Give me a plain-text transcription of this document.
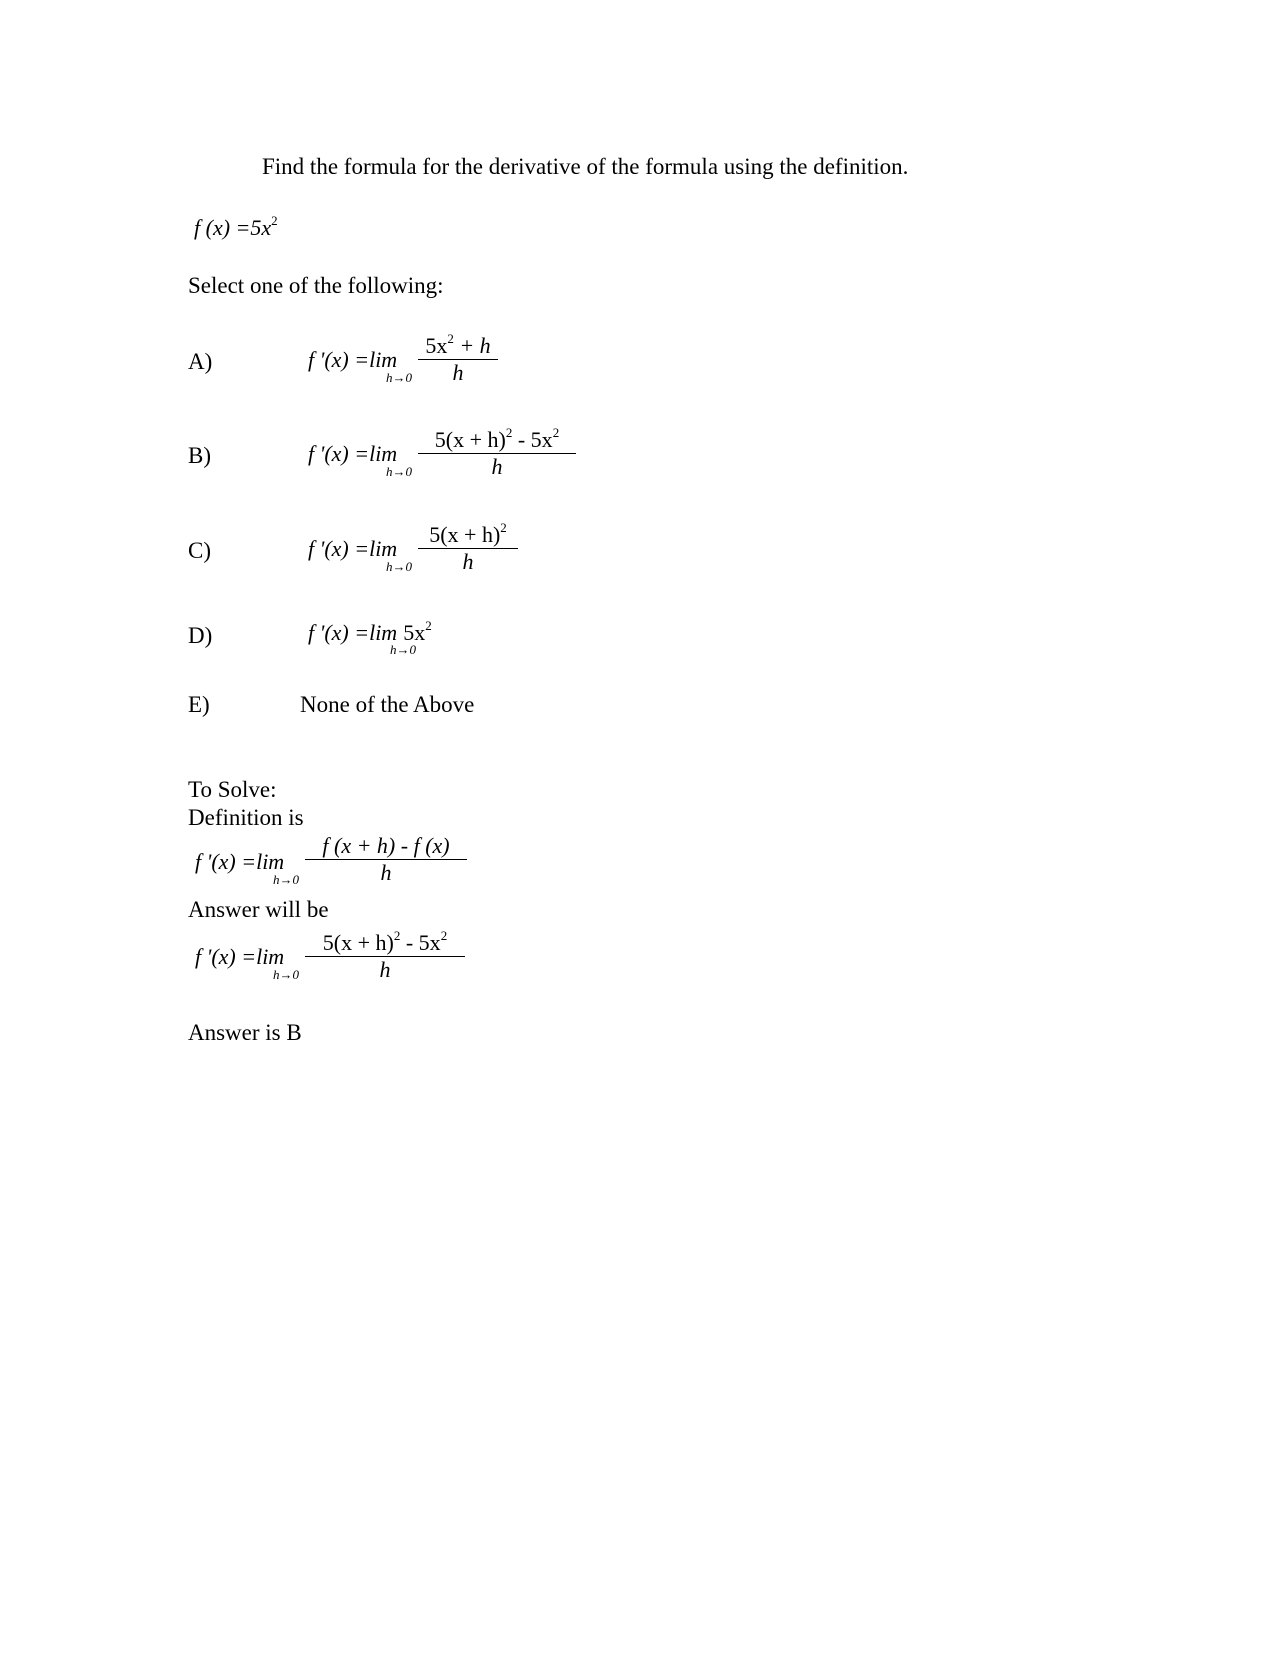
Find the formula for the derivative of the formula using the definition.
f $(x) =5x^2$
Select one of the following:
A)	f '(x) =lim
h→0
$5x^2 + h$
h
B)	f '(x) =lim
h→0
$5(x + h)^2 - 5x^2$
h
C)	f '(x) =lim
h→0
$5(x + h)^2$
h
D)	f '(x) =lim $5x^2$
h→0
E)	None of the Above
To Solve:
Definition is
f '(x) =lim
h→0
f (x + h) - f (x)
h
Answer will be
f '(x) =lim
h→0
$5(x + h)^2 - 5x^2$
h
Answer is B
